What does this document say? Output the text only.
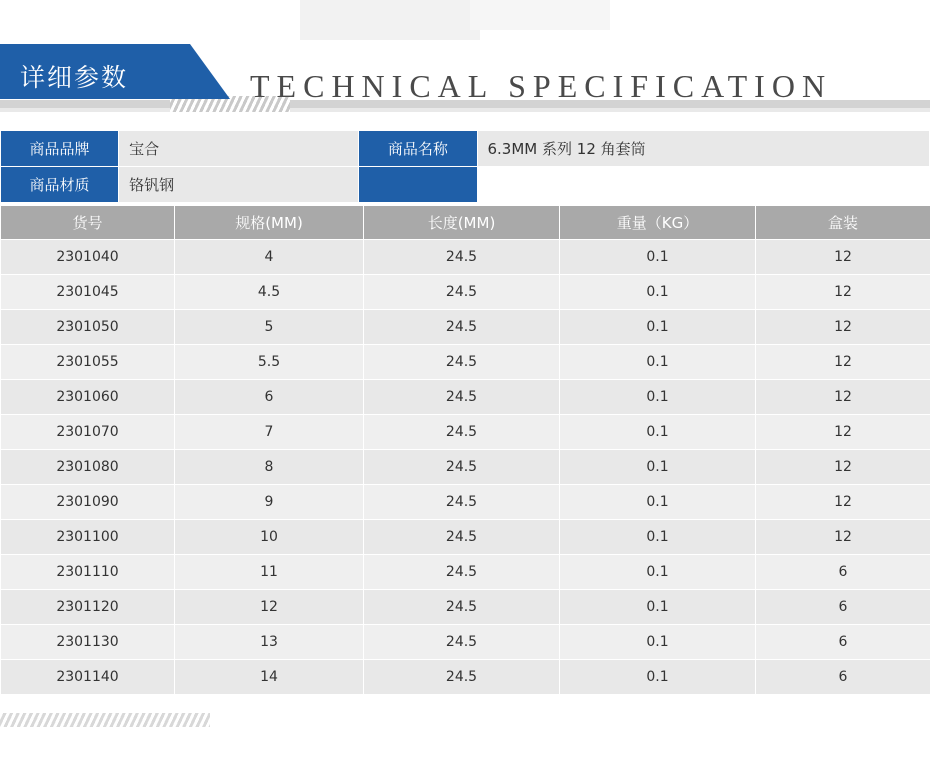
详细参数	TECHNICAL SPECIFICATION
商品品牌	宝合	商品名称	6.3MM 系列 12 角套筒
商品材质	铬钒钢		
货号	规格(MM)	长度(MM)	重量（KG）	盒装
2301040	4	24.5	0.1	12
2301045	4.5	24.5	0.1	12
2301050	5	24.5	0.1	12
2301055	5.5	24.5	0.1	12
2301060	6	24.5	0.1	12
2301070	7	24.5	0.1	12
2301080	8	24.5	0.1	12
2301090	9	24.5	0.1	12
2301100	10	24.5	0.1	12
2301110	11	24.5	0.1	6
2301120	12	24.5	0.1	6
2301130	13	24.5	0.1	6
2301140	14	24.5	0.1	6
